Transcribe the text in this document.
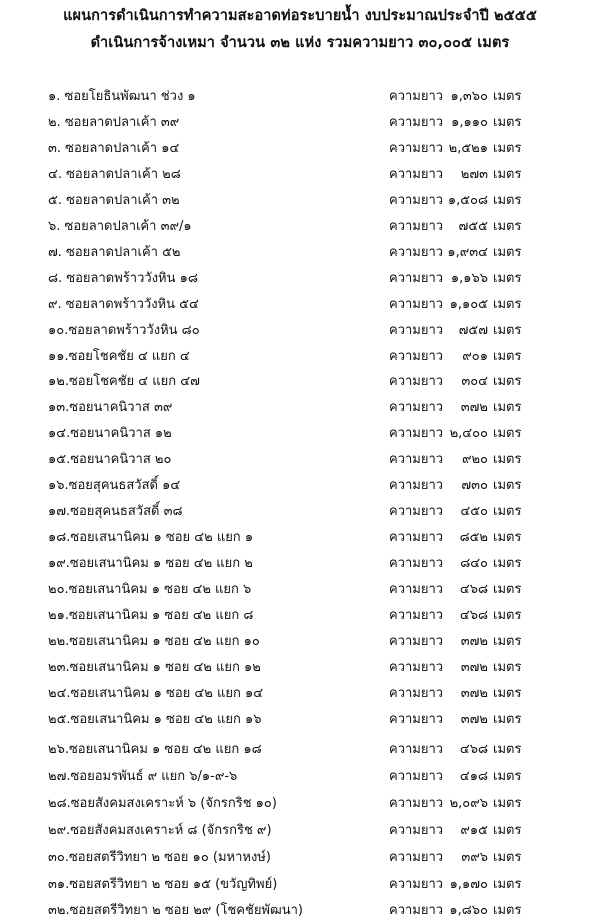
แผนการดำเนินการทำความสะอาดท่อระบายน้ำ งบประมาณประจำปี ๒๕๕๕
ดำเนินการจ้างเหมา จำนวน ๓๒ แห่ง รวมความยาว ๓๐,๐๐๕ เมตร
๑. ซอยโยธินพัฒนา ช่วง ๑	ความยาว ๑,๓๖๐ เมตร
๒. ซอยลาดปลาเค้า ๓๙	ความยาว ๑,๑๑๐ เมตร
๓. ซอยลาดปลาเค้า ๑๔	ความยาว ๒,๕๒๑ เมตร
๔. ซอยลาดปลาเค้า ๒๘	ความยาว	๒๗๓ เมตร
๕. ซอยลาดปลาเค้า ๓๒	ความยาว ๑,๕๐๘ เมตร
๖. ซอยลาดปลาเค้า ๓๙/๑	ความยาว	๗๕๕ เมตร
๗. ซอยลาดปลาเค้า ๕๒	ความยาว ๑,๙๓๔ เมตร
๘. ซอยลาดพร้าววังหิน ๑๘	ความยาว ๑,๑๖๖ เมตร
๙. ซอยลาดพร้าววังหิน ๕๔	ความยาว ๑,๑๐๕ เมตร
๑๐.ซอยลาดพร้าววังหิน ๘๐	ความยาว	๗๕๗ เมตร
๑๑.ซอยโชคชัย ๔ แยก ๔	ความยาว	๙๐๑ เมตร
๑๒.ซอยโชคชัย ๔ แยก ๔๗	ความยาว	๓๐๔ เมตร
๑๓.ซอยนาคนิวาส ๓๙	ความยาว	๓๗๒ เมตร
๑๔.ซอยนาคนิวาส ๑๒	ความยาว ๒,๔๐๐ เมตร
๑๕.ซอยนาคนิวาส ๒๐	ความยาว	๙๒๐ เมตร
๑๖.ซอยสุคนธสวัสดิ์ ๑๔	ความยาว	๗๓๐ เมตร
๑๗.ซอยสุคนธสวัสดิ์ ๓๘	ความยาว	๔๕๐ เมตร
๑๘.ซอยเสนานิคม ๑ ซอย ๔๒ แยก ๑	ความยาว	๘๕๒ เมตร
๑๙.ซอยเสนานิคม ๑ ซอย ๔๒ แยก ๒	ความยาว	๘๔๐ เมตร
๒๐.ซอยเสนานิคม ๑ ซอย ๔๒ แยก ๖	ความยาว	๔๖๘ เมตร
๒๑.ซอยเสนานิคม ๑ ซอย ๔๒ แยก ๘	ความยาว	๔๖๘ เมตร
๒๒.ซอยเสนานิคม ๑ ซอย ๔๒ แยก ๑๐	ความยาว	๓๗๒ เมตร
๒๓.ซอยเสนานิคม ๑ ซอย ๔๒ แยก ๑๒	ความยาว	๓๗๒ เมตร
๒๔.ซอยเสนานิคม ๑ ซอย ๔๒ แยก ๑๔	ความยาว	๓๗๒ เมตร
๒๕.ซอยเสนานิคม ๑ ซอย ๔๒ แยก ๑๖	ความยาว	๓๗๒ เมตร
๒๖.ซอยเสนานิคม ๑ ซอย ๔๒ แยก ๑๘	ความยาว	๔๖๘ เมตร
๒๗.ซอยอมรพันธ์ ๙ แยก ๖/๑-๙-๖	ความยาว	๔๑๘ เมตร
๒๘.ซอยสังคมสงเคราะห์ ๖ (จักรกริช ๑๐)	ความยาว ๒,๐๙๖ เมตร
๒๙.ซอยสังคมสงเคราะห์ ๘ (จักรกริช ๙)	ความยาว	๙๑๕ เมตร
๓๐.ซอยสตรีวิทยา ๒ ซอย ๑๐ (มหาหงษ์)	ความยาว	๓๙๖ เมตร
๓๑.ซอยสตรีวิทยา ๒ ซอย ๑๕ (ขวัญทิพย์)	ความยาว ๑,๑๗๐ เมตร
๓๒.ซอยสตรีวิทยา ๒ ซอย ๒๙ (โชคชัยพัฒนา)	ความยาว ๑,๘๖๐ เมตร
